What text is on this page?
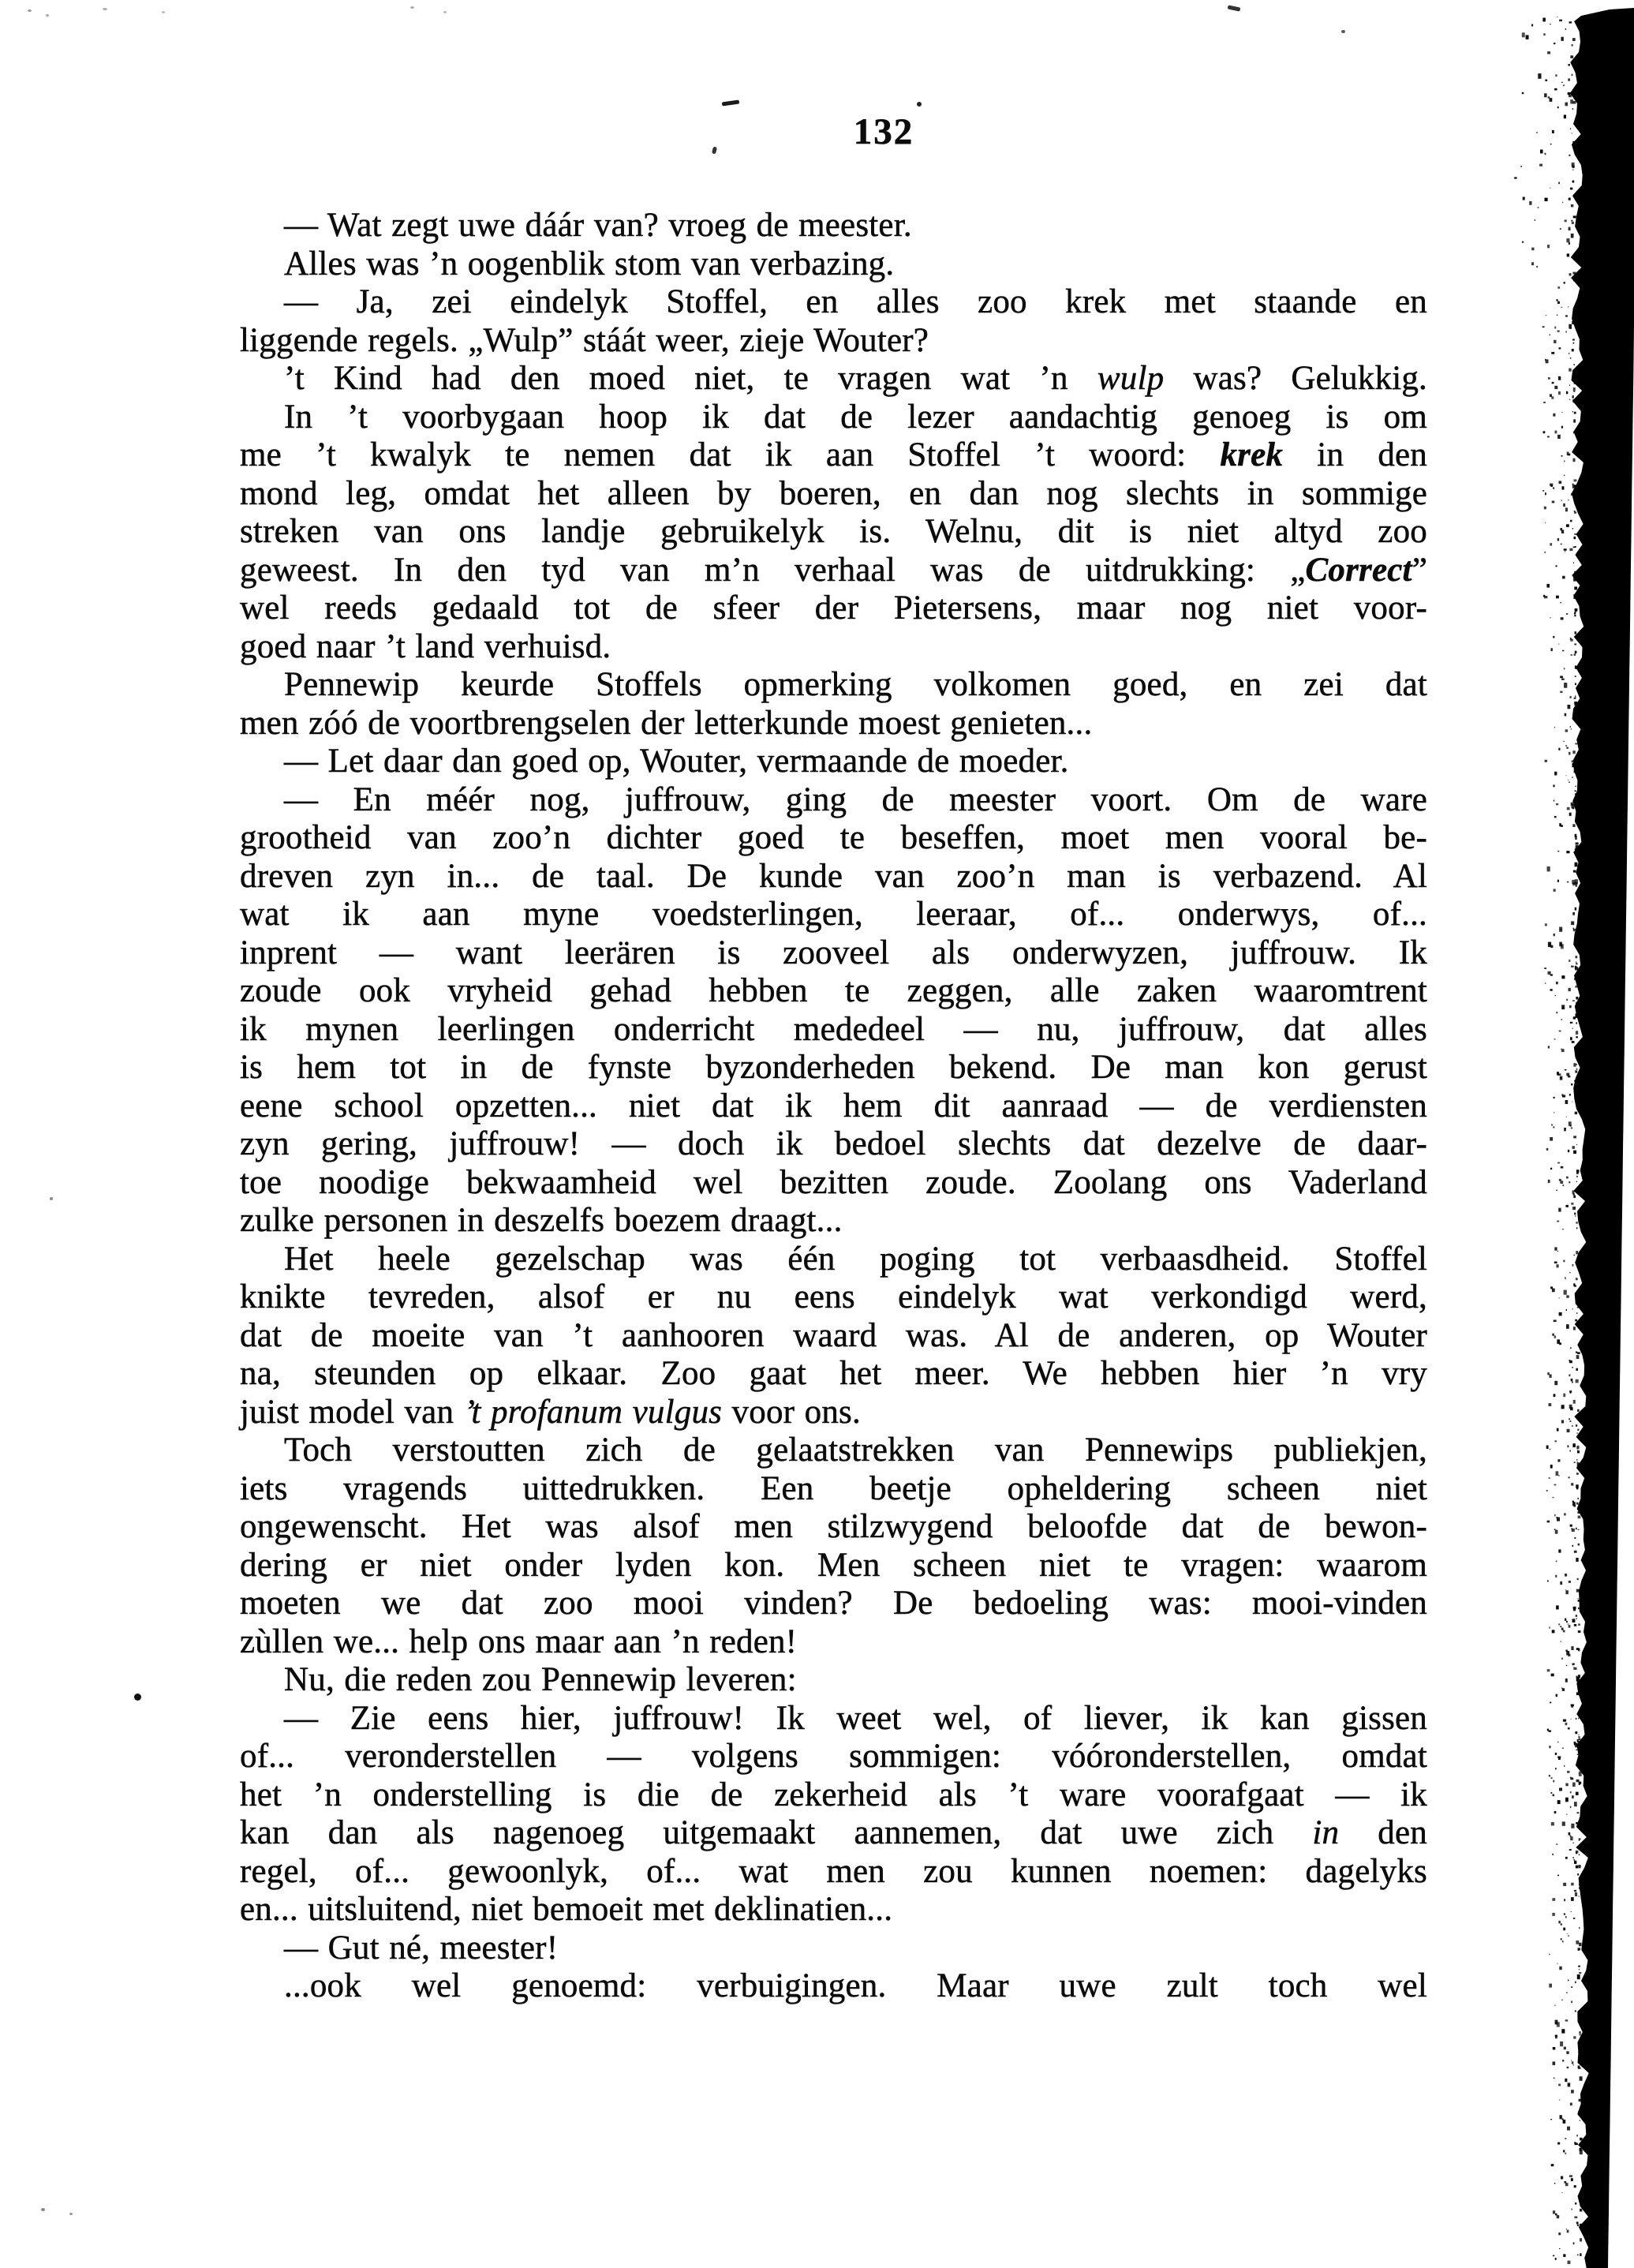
132
— Wat zegt uwe dáár van? vroeg de meester.
Alles was ’n oogenblik stom van verbazing.
— Ja, zei eindelyk Stoffel, en alles zoo krek met staande en
liggende regels. „Wulp” stáát weer, zieje Wouter?
’t Kind had den moed niet, te vragen wat ’n wulp was? Gelukkig.
In ’t voorbygaan hoop ik dat de lezer aandachtig genoeg is om
me ’t kwalyk te nemen dat ik aan Stoffel ’t woord: krek in den
mond leg, omdat het alleen by boeren, en dan nog slechts in sommige
streken van ons landje gebruikelyk is. Welnu, dit is niet altyd zoo
geweest. In den tyd van m’n verhaal was de uitdrukking: „Correct”
wel reeds gedaald tot de sfeer der Pietersens, maar nog niet voor-
goed naar ’t land verhuisd.
Pennewip keurde Stoffels opmerking volkomen goed, en zei dat
men zóó de voortbrengselen der letterkunde moest genieten...
— Let daar dan goed op, Wouter, vermaande de moeder.
— En méér nog, juffrouw, ging de meester voort. Om de ware
grootheid van zoo’n dichter goed te beseffen, moet men vooral be-
dreven zyn in... de taal. De kunde van zoo’n man is verbazend. Al
wat ik aan myne voedsterlingen, leeraar, of... onderwys, of...
inprent — want leerären is zooveel als onderwyzen, juffrouw. Ik
zoude ook vryheid gehad hebben te zeggen, alle zaken waaromtrent
ik mynen leerlingen onderricht mededeel — nu, juffrouw, dat alles
is hem tot in de fynste byzonderheden bekend. De man kon gerust
eene school opzetten... niet dat ik hem dit aanraad — de verdiensten
zyn gering, juffrouw! — doch ik bedoel slechts dat dezelve de daar-
toe noodige bekwaamheid wel bezitten zoude. Zoolang ons Vaderland
zulke personen in deszelfs boezem draagt...
Het heele gezelschap was één poging tot verbaasdheid. Stoffel
knikte tevreden, alsof er nu eens eindelyk wat verkondigd werd,
dat de moeite van ’t aanhooren waard was. Al de anderen, op Wouter
na, steunden op elkaar. Zoo gaat het meer. We hebben hier ’n vry
juist model van ’t profanum vulgus voor ons.
Toch verstoutten zich de gelaatstrekken van Pennewips publiekjen,
iets vragends uittedrukken. Een beetje opheldering scheen niet
ongewenscht. Het was alsof men stilzwygend beloofde dat de bewon-
dering er niet onder lyden kon. Men scheen niet te vragen: waarom
moeten we dat zoo mooi vinden? De bedoeling was: mooi-vinden
zùllen we... help ons maar aan ’n reden!
Nu, die reden zou Pennewip leveren:
— Zie eens hier, juffrouw! Ik weet wel, of liever, ik kan gissen
of... veronderstellen — volgens sommigen: vóóronderstellen, omdat
het ’n onderstelling is die de zekerheid als ’t ware voorafgaat — ik
kan dan als nagenoeg uitgemaakt aannemen, dat uwe zich in den
regel, of... gewoonlyk, of... wat men zou kunnen noemen: dagelyks
en... uitsluitend, niet bemoeit met deklinatien...
— Gut né, meester!
...ook wel genoemd: verbuigingen. Maar uwe zult toch wel
